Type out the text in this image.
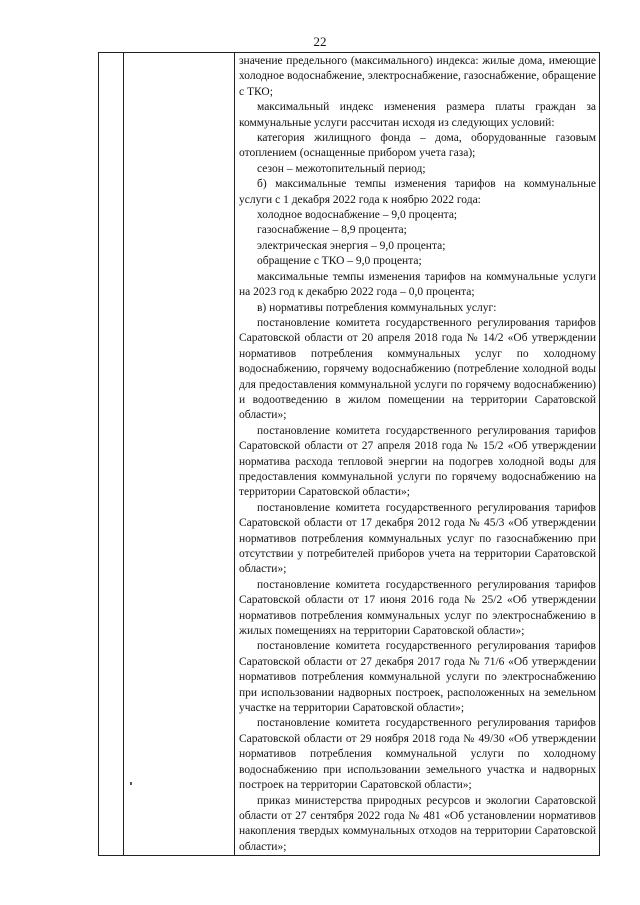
22

значение предельного (максимального) индекса: жилые дома, имеющие холодное водоснабжение, электроснабжение, газоснабжение, обращение с ТКО;

максимальный индекс изменения размера платы граждан за коммунальные услуги рассчитан исходя из следующих условий:

категория жилищного фонда – дома, оборудованные газовым отоплением (оснащенные прибором учета газа);

сезон – межотопительный период;

б) максимальные темпы изменения тарифов на коммунальные услуги с 1 декабря 2022 года к ноябрю 2022 года:

холодное водоснабжение – 9,0 процента;

газоснабжение – 8,9 процента;

электрическая энергия – 9,0 процента;

обращение с ТКО – 9,0 процента;

максимальные темпы изменения тарифов на коммунальные услуги на 2023 год к декабрю 2022 года – 0,0 процента;

в) нормативы потребления коммунальных услуг:

постановление комитета государственного регулирования тарифов Саратовской области от 20 апреля 2018 года № 14/2 «Об утверждении нормативов потребления коммунальных услуг по холодному водоснабжению, горячему водоснабжению (потребление холодной воды для предоставления коммунальной услуги по горячему водоснабжению) и водоотведению в жилом помещении на территории Саратовской области»;

постановление комитета государственного регулирования тарифов Саратовской области от 27 апреля 2018 года № 15/2 «Об утверждении норматива расхода тепловой энергии на подогрев холодной воды для предоставления коммунальной услуги по горячему водоснабжению на территории Саратовской области»;

постановление комитета государственного регулирования тарифов Саратовской области от 17 декабря 2012 года № 45/3 «Об утверждении нормативов потребления коммунальных услуг по газоснабжению при отсутствии у потребителей приборов учета на территории Саратовской области»;

постановление комитета государственного регулирования тарифов Саратовской области от 17 июня 2016 года № 25/2 «Об утверждении нормативов потребления коммунальных услуг по электроснабжению в жилых помещениях на территории Саратовской области»;

постановление комитета государственного регулирования тарифов Саратовской области от 27 декабря 2017 года № 71/6 «Об утверждении нормативов потребления коммунальной услуги по электроснабжению при использовании надворных построек, расположенных на земельном участке на территории Саратовской области»;

постановление комитета государственного регулирования тарифов Саратовской области от 29 ноября 2018 года № 49/30 «Об утверждении нормативов потребления коммунальной услуги по холодному водоснабжению при использовании земельного участка и надворных построек на территории Саратовской области»;

приказ министерства природных ресурсов и экологии Саратовской области от 27 сентября 2022 года № 481 «Об установлении нормативов накопления твердых коммунальных отходов на территории Саратовской области»;
